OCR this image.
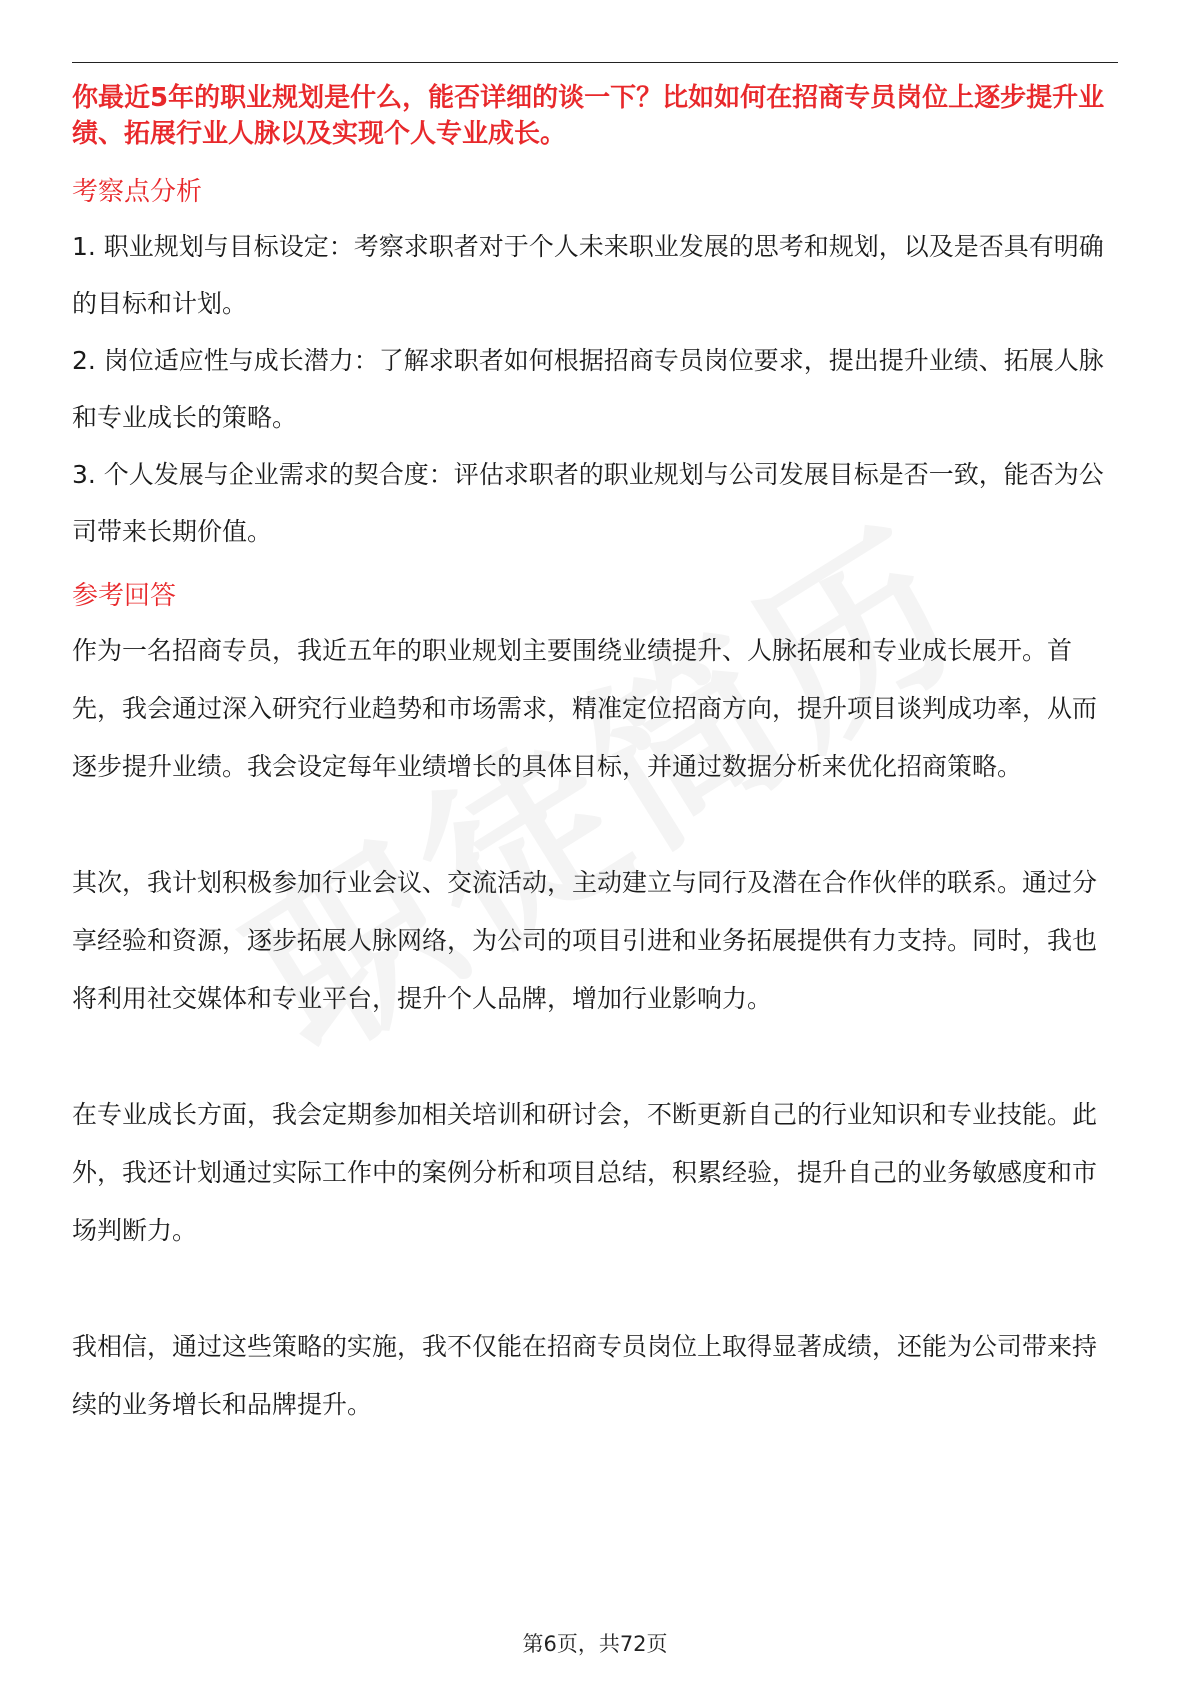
你最近5年的职业规划是什么，能否详细的谈一下？比如如何在招商专员岗位上逐步提升业绩、拓展行业人脉以及实现个人专业成长。

考察点分析

1. 职业规划与目标设定：考察求职者对于个人未来职业发展的思考和规划，以及是否具有明确的目标和计划。

2. 岗位适应性与成长潜力：了解求职者如何根据招商专员岗位要求，提出提升业绩、拓展人脉和专业成长的策略。

3. 个人发展与企业需求的契合度：评估求职者的职业规划与公司发展目标是否一致，能否为公司带来长期价值。

参考回答

作为一名招商专员，我近五年的职业规划主要围绕业绩提升、人脉拓展和专业成长展开。首先，我会通过深入研究行业趋势和市场需求，精准定位招商方向，提升项目谈判成功率，从而逐步提升业绩。我会设定每年业绩增长的具体目标，并通过数据分析来优化招商策略。

其次，我计划积极参加行业会议、交流活动，主动建立与同行及潜在合作伙伴的联系。通过分享经验和资源，逐步拓展人脉网络，为公司的项目引进和业务拓展提供有力支持。同时，我也将利用社交媒体和专业平台，提升个人品牌，增加行业影响力。

在专业成长方面，我会定期参加相关培训和研讨会，不断更新自己的行业知识和专业技能。此外，我还计划通过实际工作中的案例分析和项目总结，积累经验，提升自己的业务敏感度和市场判断力。

我相信，通过这些策略的实施，我不仅能在招商专员岗位上取得显著成绩，还能为公司带来持续的业务增长和品牌提升。

第6页，共72页
